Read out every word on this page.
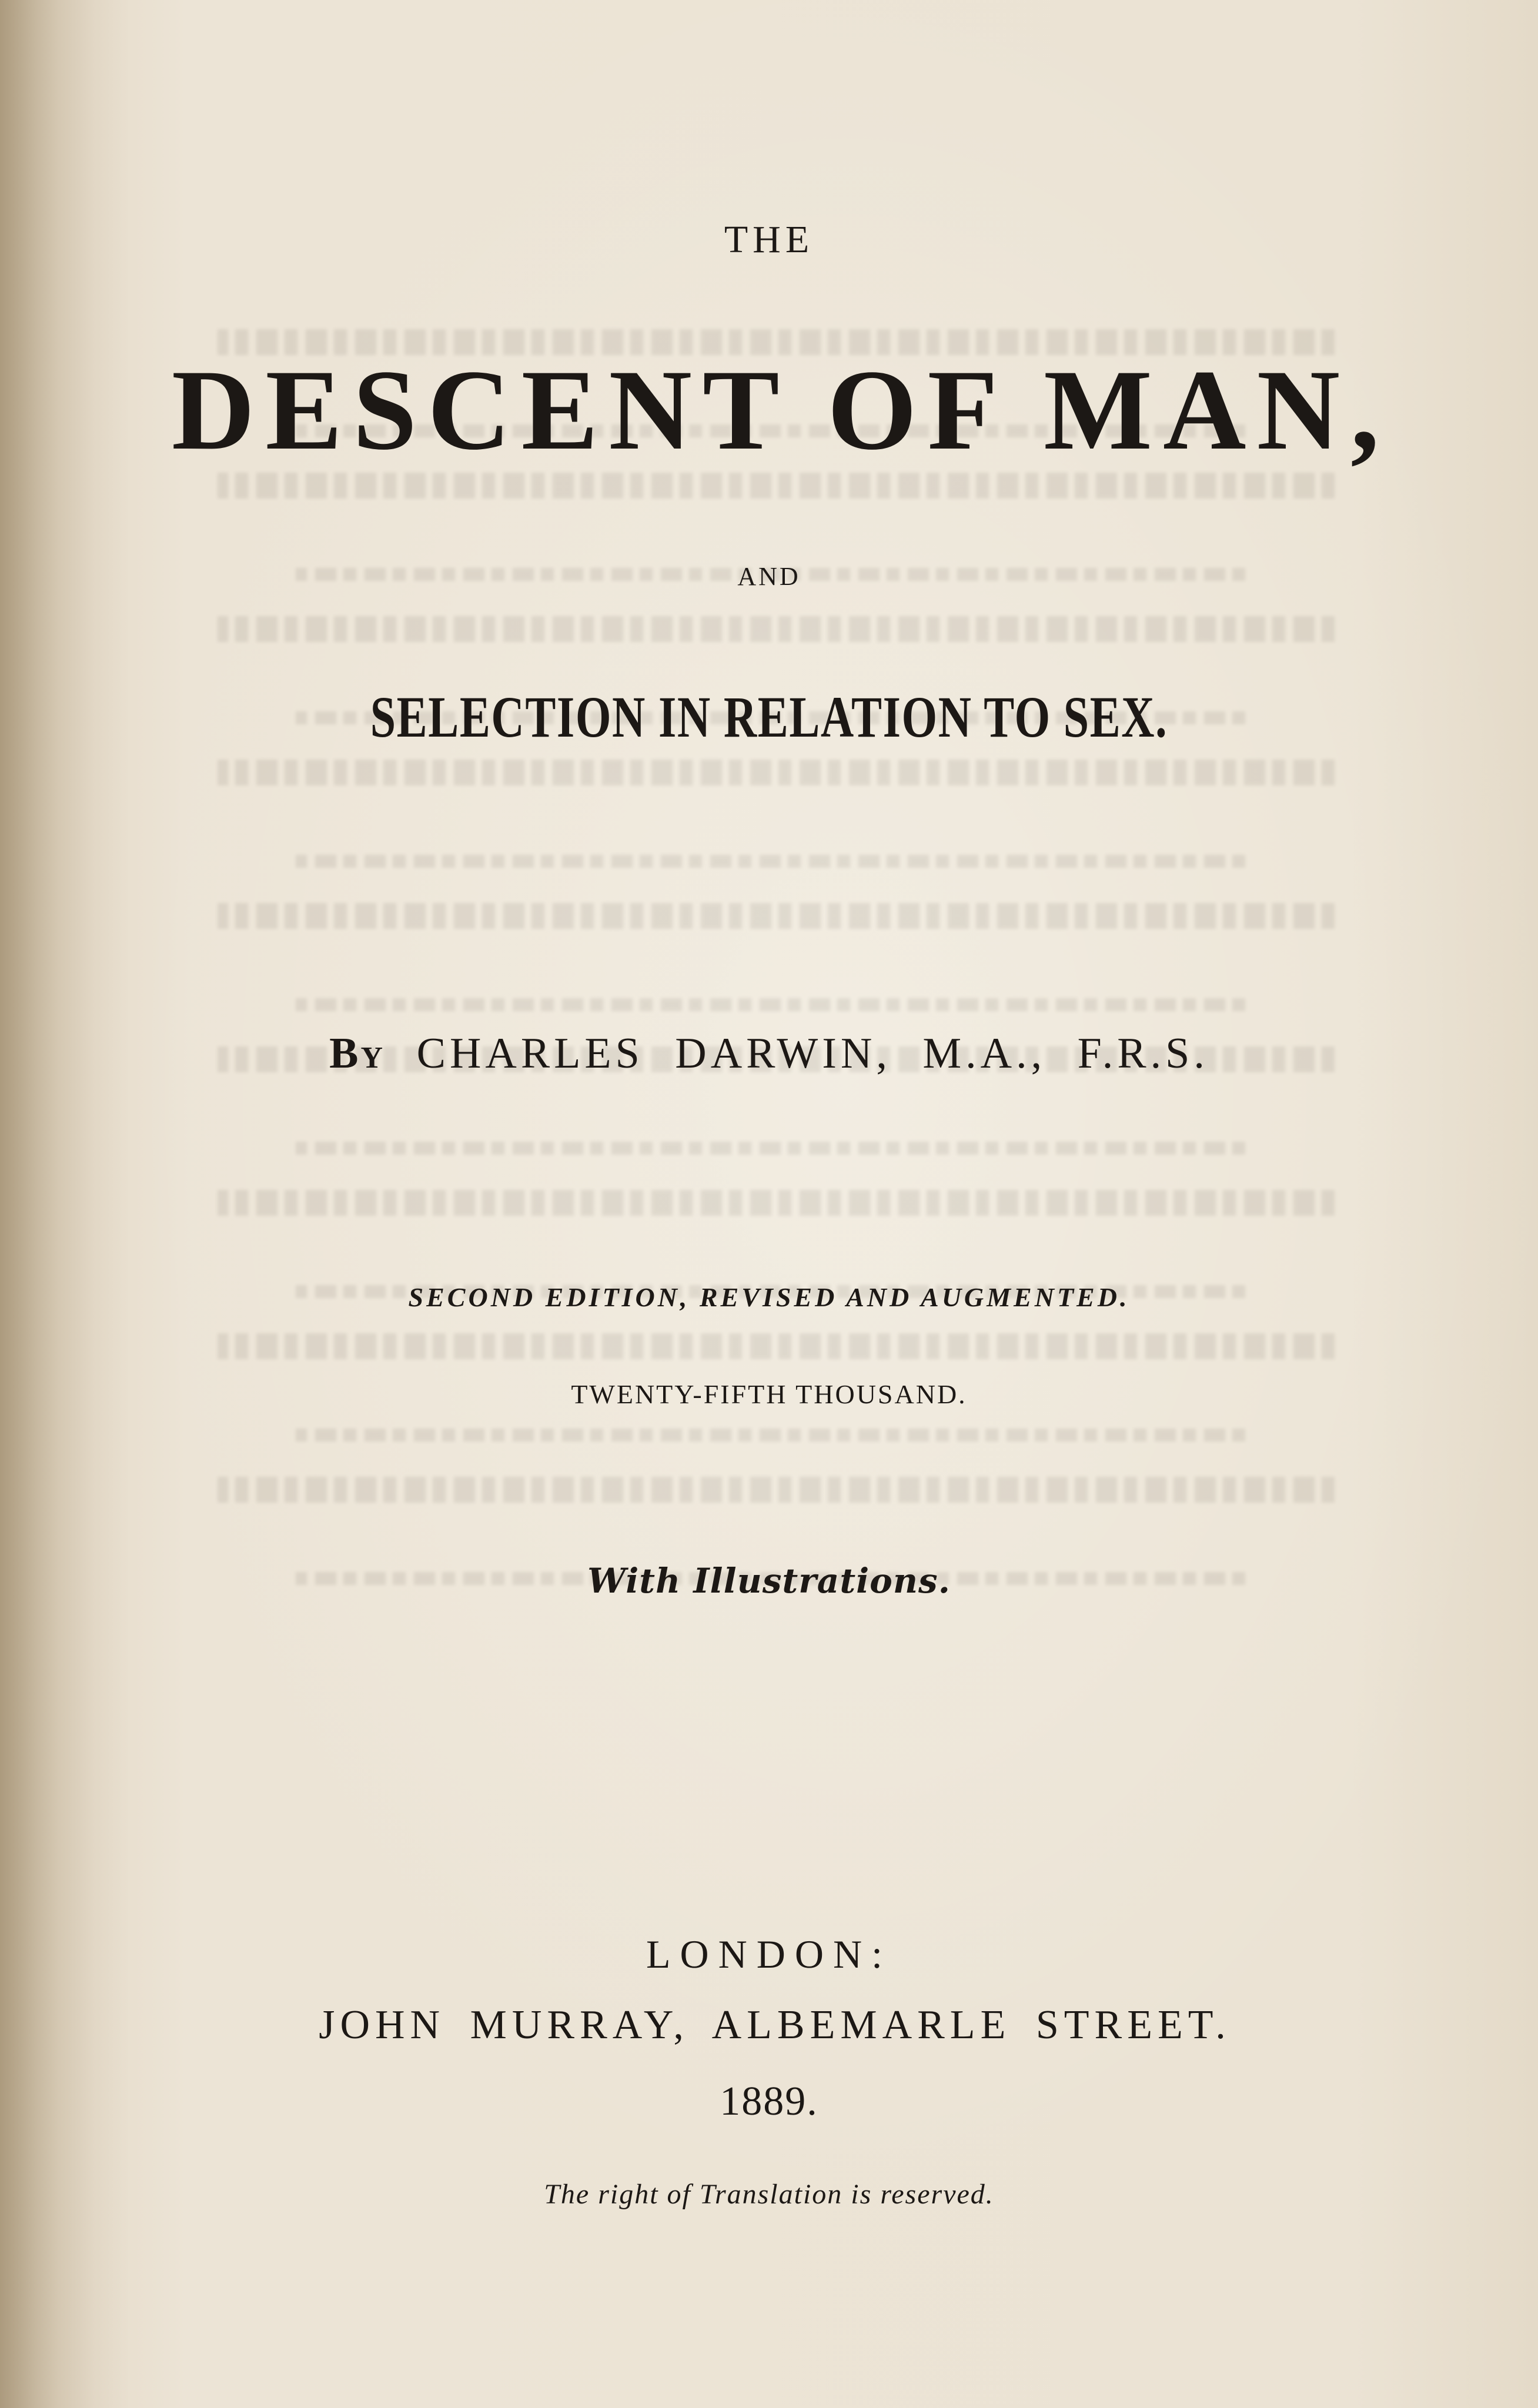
THE

DESCENT OF MAN,

AND

SELECTION IN RELATION TO SEX.

By CHARLES DARWIN, M.A., F.R.S.

SECOND EDITION, REVISED AND AUGMENTED.

TWENTY-FIFTH THOUSAND.

With Illustrations.

LONDON:

JOHN MURRAY, ALBEMARLE STREET.

1889.

The right of Translation is reserved.
